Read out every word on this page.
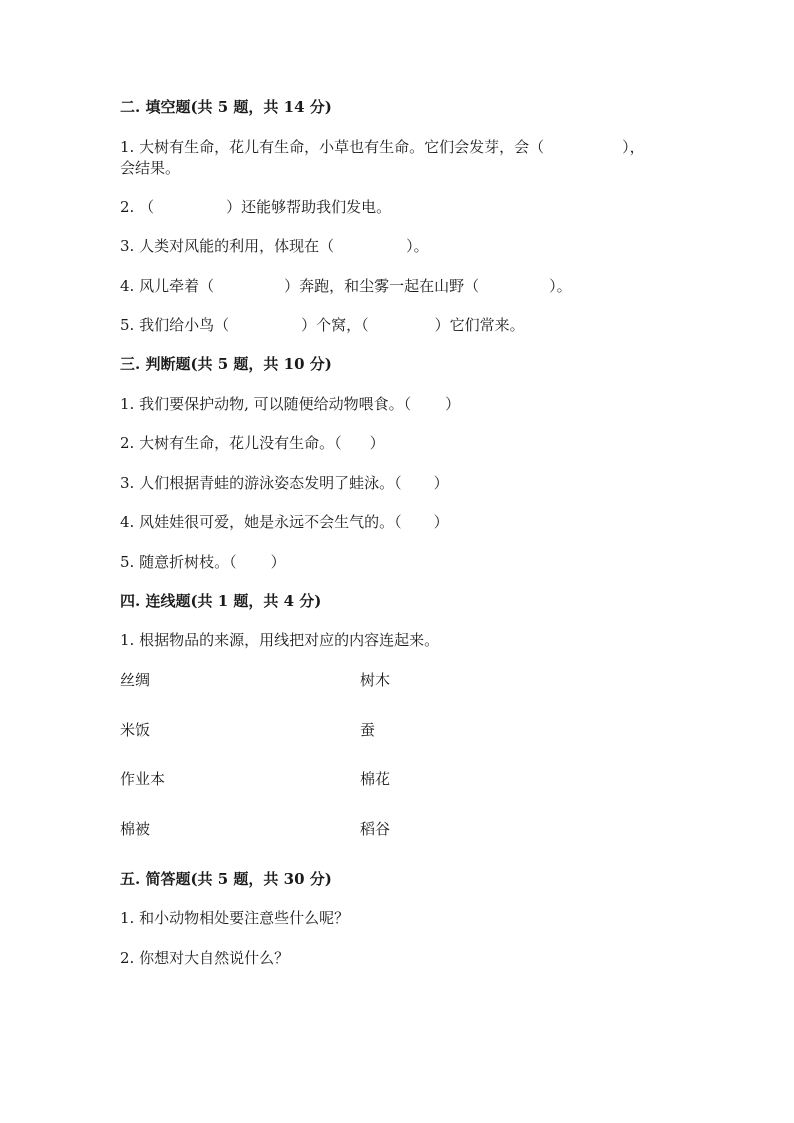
二. 填空题(共 5 题，共 14 分)
1. 大树有生命，花儿有生命，小草也有生命。它们会发芽，会（	），
会结果。
2. （	）还能够帮助我们发电。
3. 人类对风能的利用，体现在（	）。
4. 风儿牵着（	）奔跑，和尘雾一起在山野（	）。
5. 我们给小鸟（	）个窝，（	）它们常来。
三. 判断题(共 5 题，共 10 分)
1. 我们要保护动物, 可以随便给动物喂食。（ ）
2. 大树有生命，花儿没有生命。（ ）
3. 人们根据青蛙的游泳姿态发明了蛙泳。（ ）
4. 风娃娃很可爱，她是永远不会生气的。（ ）
5. 随意折树枝。（ ）
四. 连线题(共 1 题，共 4 分)
1. 根据物品的来源，用线把对应的内容连起来。
丝绸	树木
米饭	蚕
作业本	棉花
棉被	稻谷
五. 简答题(共 5 题，共 30 分)
1. 和小动物相处要注意些什么呢？
2. 你想对大自然说什么？
